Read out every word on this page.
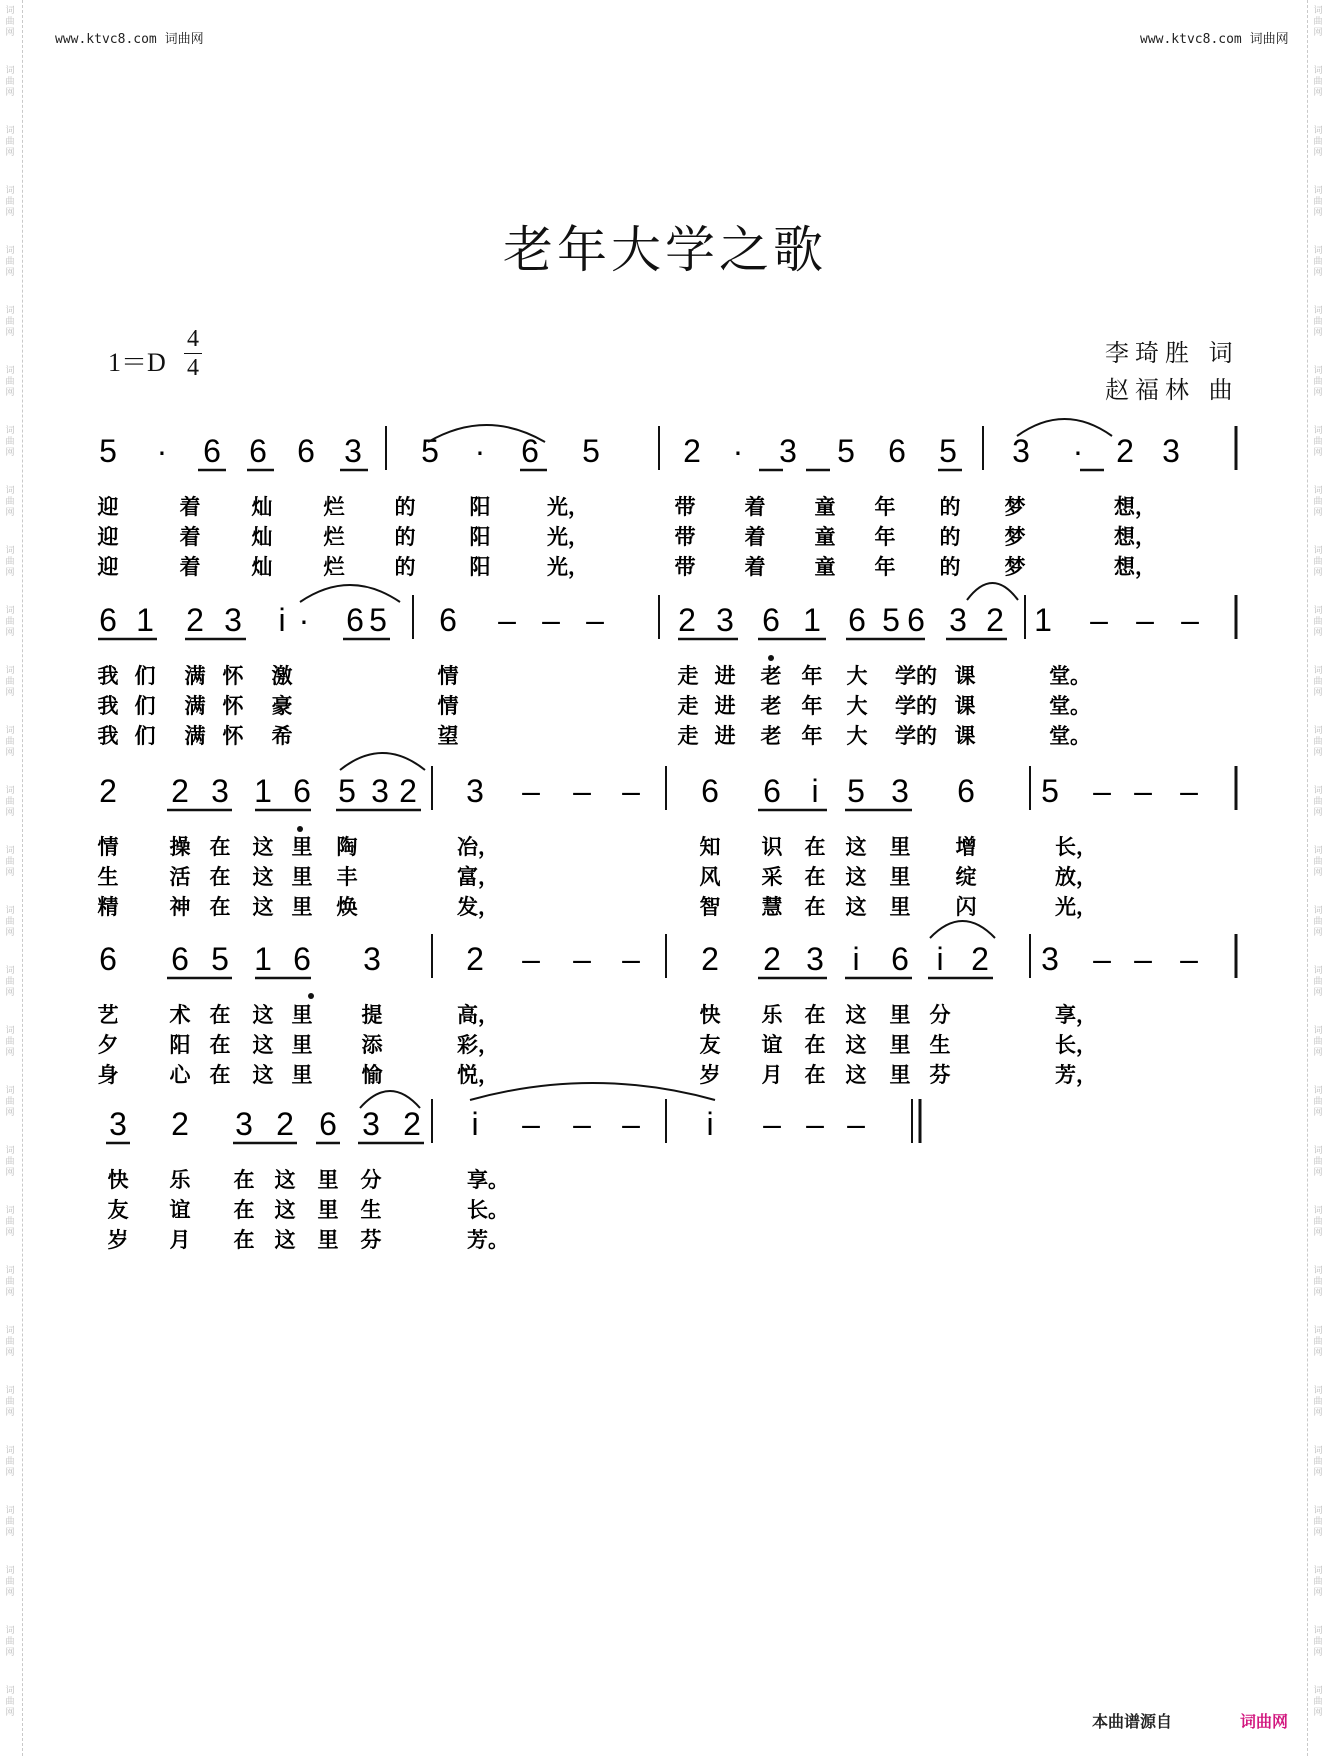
词曲网
词曲网
词曲网
词曲网
词曲网
词曲网
词曲网
词曲网
词曲网
词曲网
词曲网
词曲网
词曲网
词曲网
词曲网
词曲网
词曲网
词曲网
词曲网
词曲网
词曲网
词曲网
词曲网
词曲网
词曲网
词曲网
词曲网
词曲网
词曲网
词曲网
词曲网
词曲网
词曲网
词曲网
词曲网
词曲网
词曲网
词曲网
词曲网
词曲网
词曲网
词曲网
词曲网
词曲网
词曲网
词曲网
词曲网
词曲网
词曲网
词曲网
词曲网
词曲网
词曲网
词曲网
词曲网
词曲网
词曲网
词曲网
www.ktvc8.com 词曲网	www.ktvc8.com 词曲网
老年大学之歌
$1=D \frac{4}{4}$	李琦胜 词
赵福林 曲
5 · 6 6 6 3 5 · 6 5	2 · 3 5 6 5 3 · 2 3
迎	着 灿 烂 的	阳	光，	带 着 童 年 的 梦	想，
迎	着 灿 烂 的	阳	光，	带 着 童 年 的 梦	想，
迎	着 灿 烂 的	阳	光，	带 着 童 年 的 梦	想，
6 1 2 3 i · 6 5 6 – – – 2 3 6 1 6 5 6 3 2 1 – – –
我 们 满 怀 激	情	走 进 老 年 大 学的 课	堂。
我 们 满 怀 豪	情	走 进 老 年 大 学的 课	堂。
我 们 满 怀 希	望	走 进 老 年 大 学的 课	堂。
2 2 3 1 6 5 3 2 3 – – – 6 6 i 5 3 6 5 – – –
情 操 在 这 里 陶	冶，	知 识 在 这 里 增	长，
生 活 在 这 里 丰	富，	风 采 在 这 里 绽	放，
精 神 在 这 里 焕	发，	智 慧 在 这 里 闪	光，
6 6 5 1 6 3	2 – – – 2 2 3 i 6 i 2 3 – – –
艺 术 在 这 里 提	高，	快 乐 在 这 里 分	享，
夕 阳 在 这 里 添	彩，	友 谊 在 这 里 生	长，
身 心 在 这 里 愉	悦，	岁 月 在 这 里 芬	芳，
3 2 3 2 6 3 2 i – – – i – – –
快 乐 在 这 里 分	享。
友 谊 在 这 里 生	长。
岁 月 在 这 里 芬	芳。
本曲谱源自	词曲网
